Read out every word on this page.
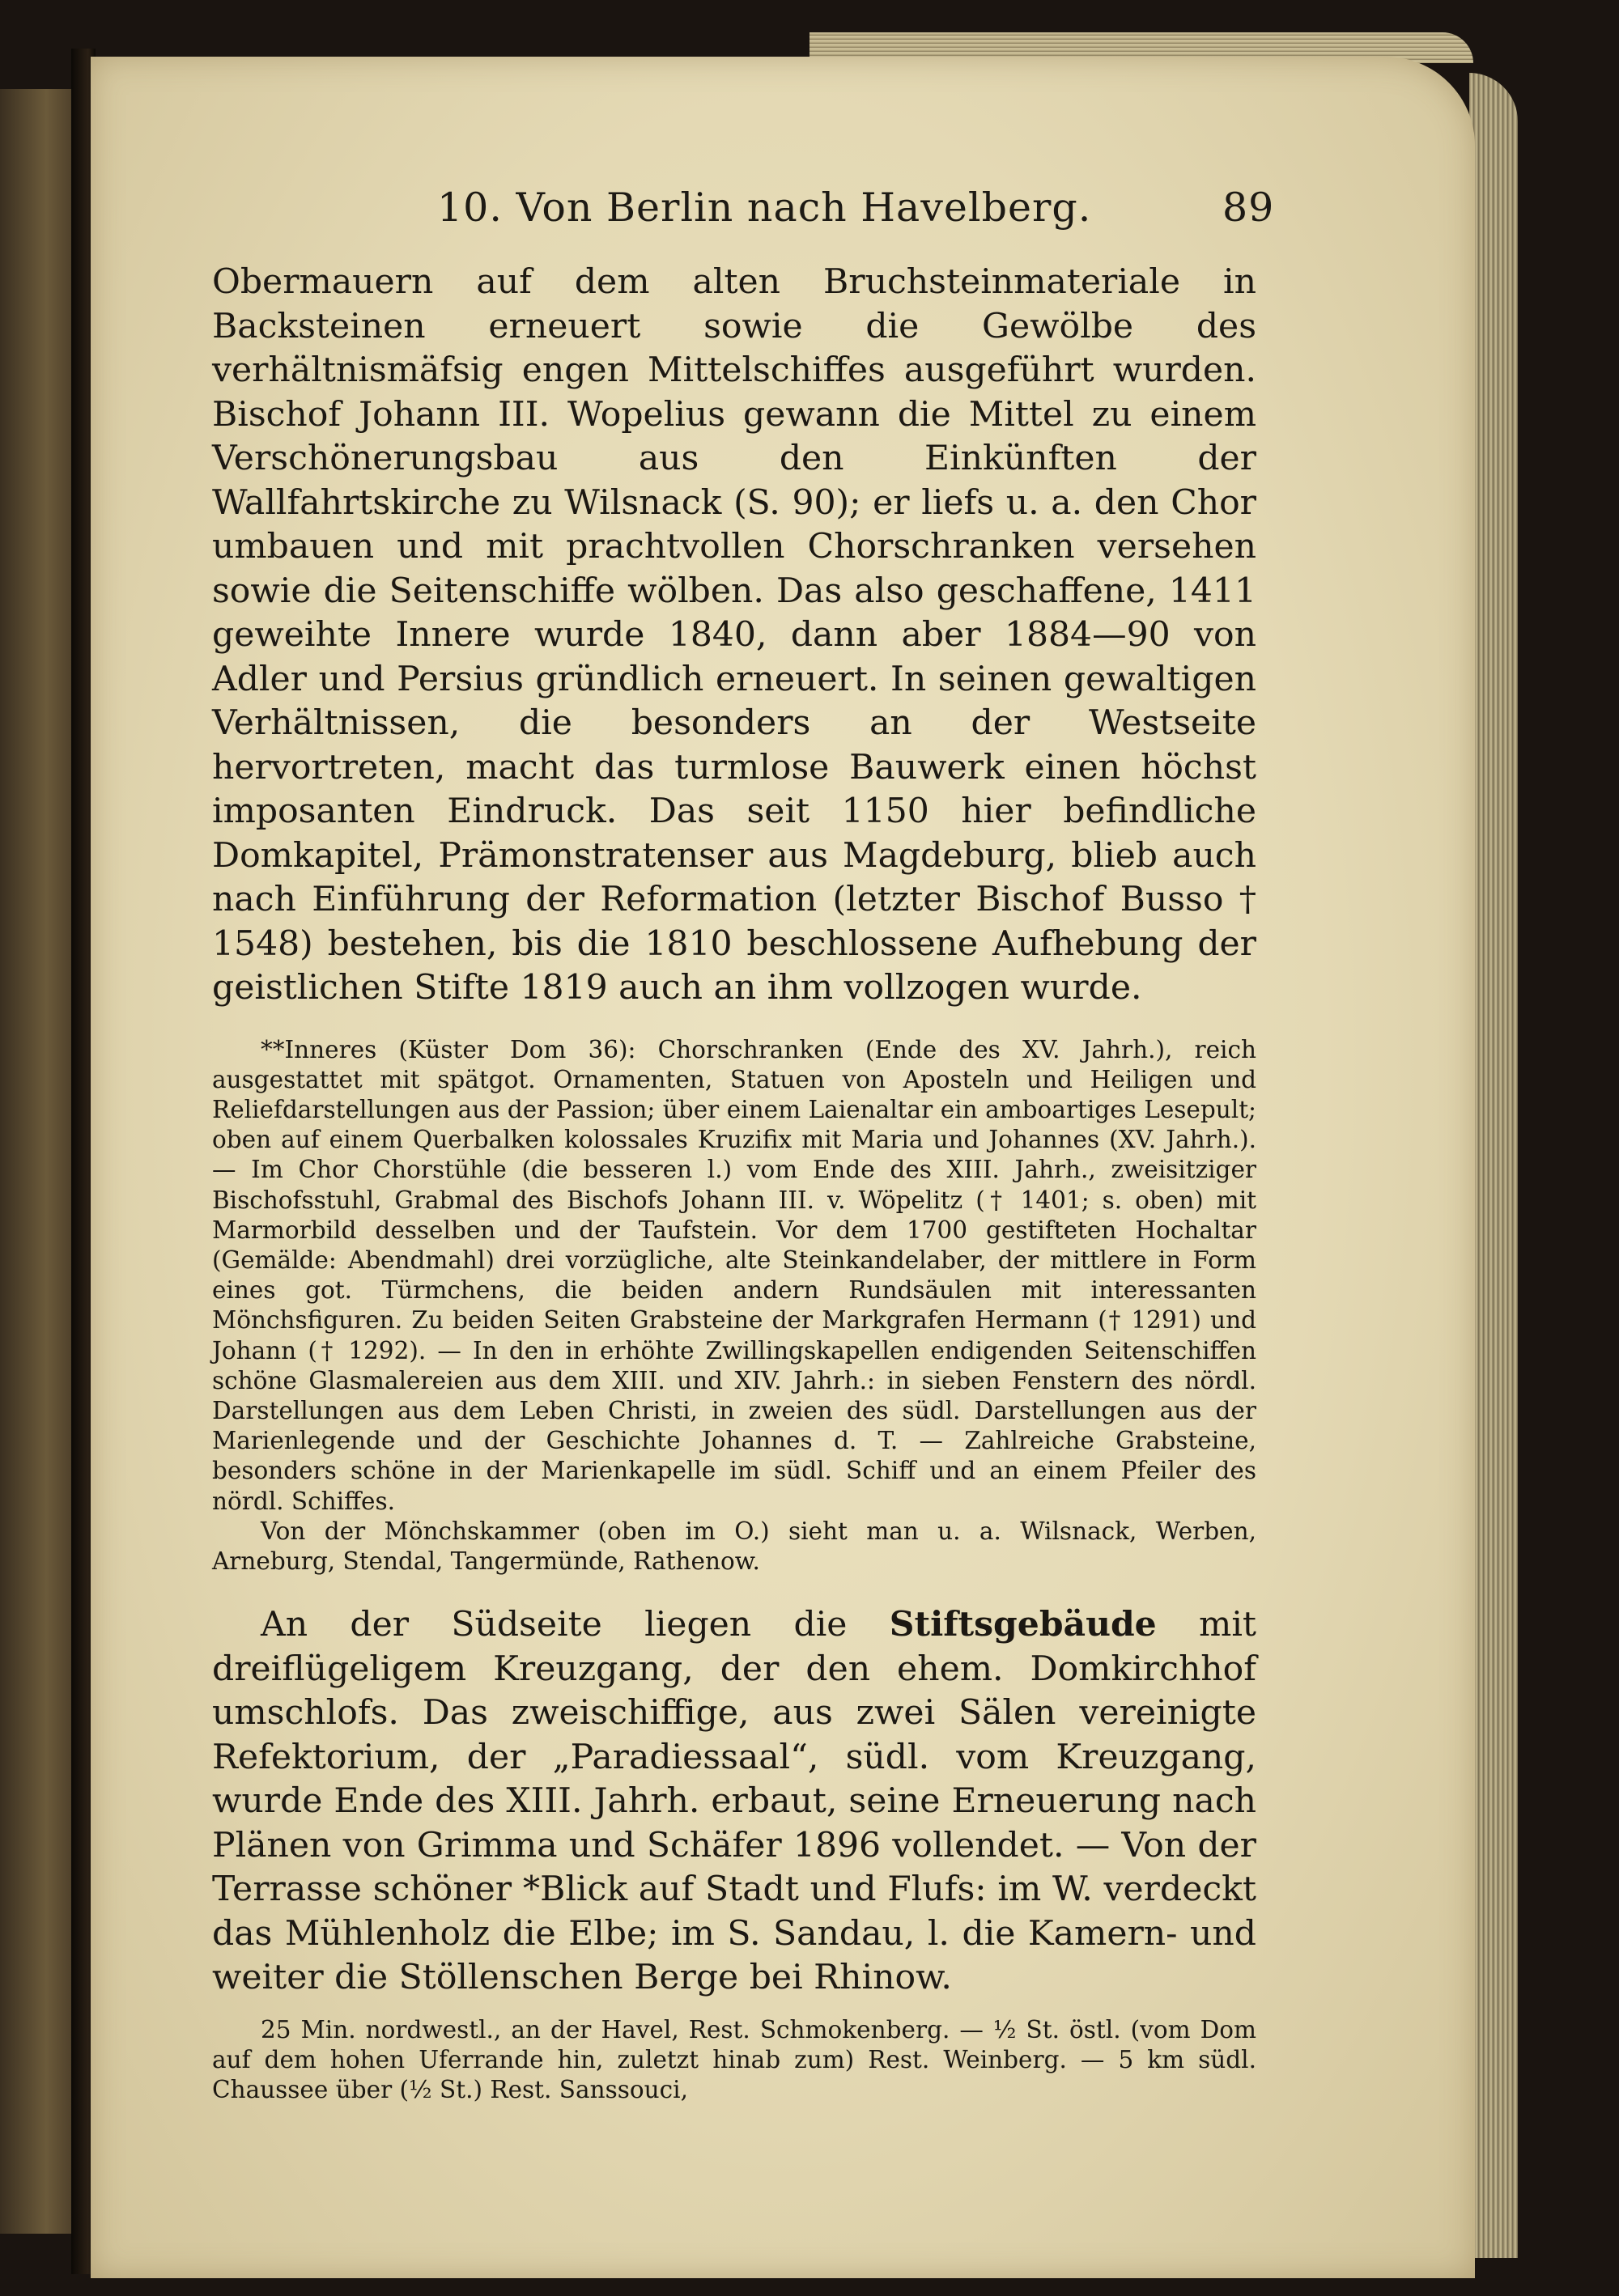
10. Von Berlin nach Havelberg.	89

Obermauern auf dem alten Bruchsteinmateriale in Backsteinen erneuert sowie die Gewölbe des verhältnismäfsig engen Mittelschiffes ausgeführt wurden. Bischof Johann III. Wopelius gewann die Mittel zu einem Verschönerungsbau aus den Einkünften der Wallfahrtskirche zu Wilsnack (S. 90); er liefs u. a. den Chor umbauen und mit prachtvollen Chorschranken versehen sowie die Seitenschiffe wölben. Das also geschaffene, 1411 geweihte Innere wurde 1840, dann aber 1884—90 von Adler und Persius gründlich erneuert. In seinen gewaltigen Verhältnissen, die besonders an der Westseite hervortreten, macht das turmlose Bauwerk einen höchst imposanten Eindruck. Das seit 1150 hier befindliche Domkapitel, Prämonstratenser aus Magdeburg, blieb auch nach Einführung der Reformation (letzter Bischof Busso † 1548) bestehen, bis die 1810 beschlossene Aufhebung der geistlichen Stifte 1819 auch an ihm vollzogen wurde.

**Inneres (Küster Dom 36): Chorschranken (Ende des XV. Jahrh.), reich ausgestattet mit spätgot. Ornamenten, Statuen von Aposteln und Heiligen und Reliefdarstellungen aus der Passion; über einem Laienaltar ein amboartiges Lesepult; oben auf einem Querbalken kolossales Kruzifix mit Maria und Johannes (XV. Jahrh.). — Im Chor Chorstühle (die besseren l.) vom Ende des XIII. Jahrh., zweisitziger Bischofsstuhl, Grabmal des Bischofs Johann III. v. Wöpelitz († 1401; s. oben) mit Marmorbild desselben und der Taufstein. Vor dem 1700 gestifteten Hochaltar (Gemälde: Abendmahl) drei vorzügliche, alte Steinkandelaber, der mittlere in Form eines got. Türmchens, die beiden andern Rundsäulen mit interessanten Mönchsfiguren. Zu beiden Seiten Grabsteine der Markgrafen Hermann († 1291) und Johann († 1292). — In den in erhöhte Zwillingskapellen endigenden Seitenschiffen schöne Glasmalereien aus dem XIII. und XIV. Jahrh.: in sieben Fenstern des nördl. Darstellungen aus dem Leben Christi, in zweien des südl. Darstellungen aus der Marienlegende und der Geschichte Johannes d. T. — Zahlreiche Grabsteine, besonders schöne in der Marienkapelle im südl. Schiff und an einem Pfeiler des nördl. Schiffes.

Von der Mönchskammer (oben im O.) sieht man u. a. Wilsnack, Werben, Arneburg, Stendal, Tangermünde, Rathenow.

An der Südseite liegen die Stiftsgebäude mit dreiflügeligem Kreuzgang, der den ehem. Domkirchhof umschlofs. Das zweischiffige, aus zwei Sälen vereinigte Refektorium, der „Paradiessaal“, südl. vom Kreuzgang, wurde Ende des XIII. Jahrh. erbaut, seine Erneuerung nach Plänen von Grimma und Schäfer 1896 vollendet. — Von der Terrasse schöner *Blick auf Stadt und Flufs: im W. verdeckt das Mühlenholz die Elbe; im S. Sandau, l. die Kamern- und weiter die Stöllenschen Berge bei Rhinow.

25 Min. nordwestl., an der Havel, Rest. Schmokenberg. — ½ St. östl. (vom Dom auf dem hohen Uferrande hin, zuletzt hinab zum) Rest. Weinberg. — 5 km südl. Chaussee über (½ St.) Rest. Sanssouci,
